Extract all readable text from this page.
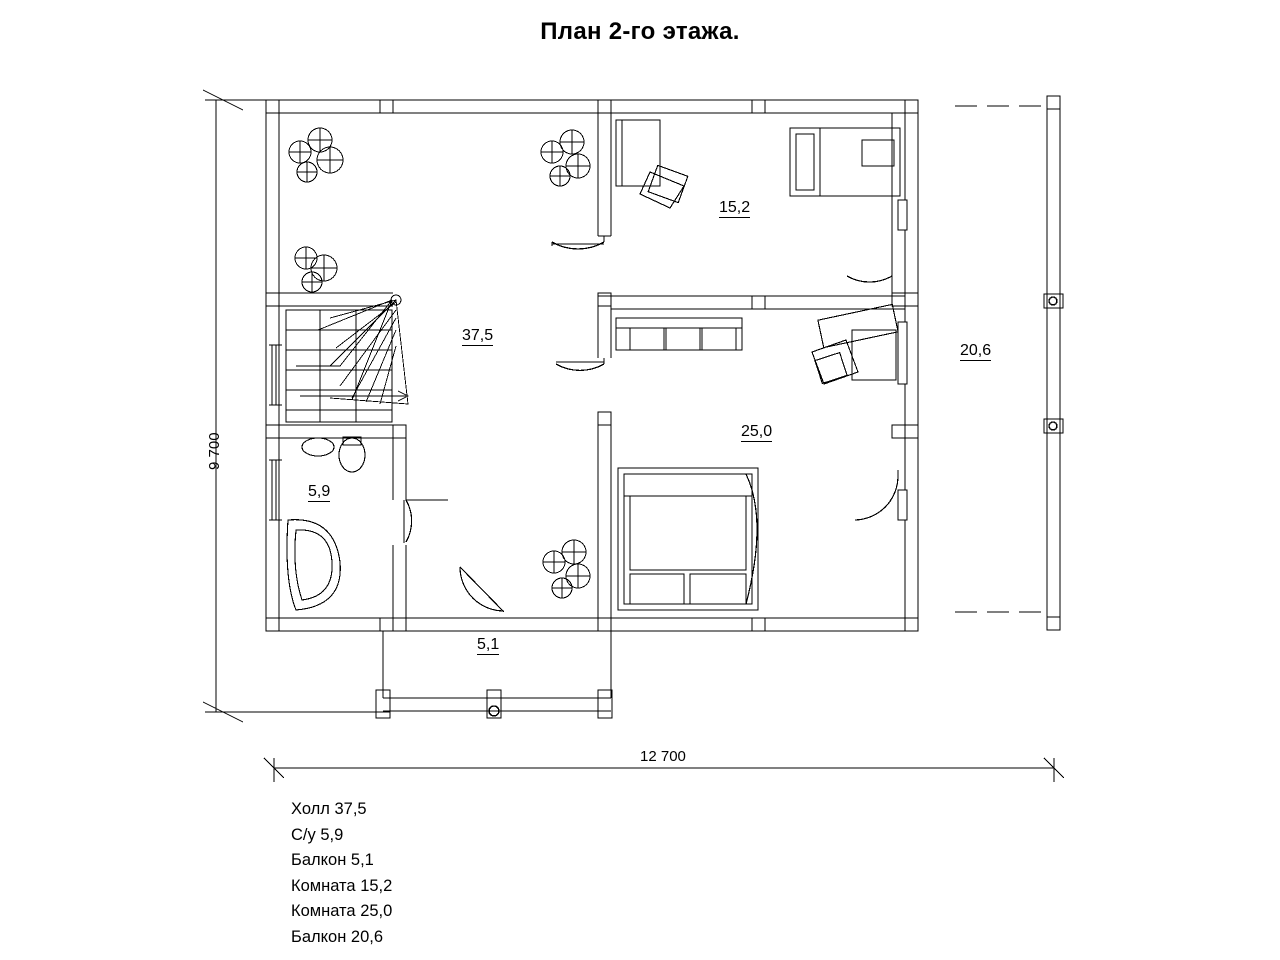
План 2-го этажа.
9 700
12 700
37,5
5,9
5,1
15,2
25,0
20,6
Холл 37,5
С/у 5,9
Балкон 5,1
Комната 15,2
Комната 25,0
Балкон 20,6
